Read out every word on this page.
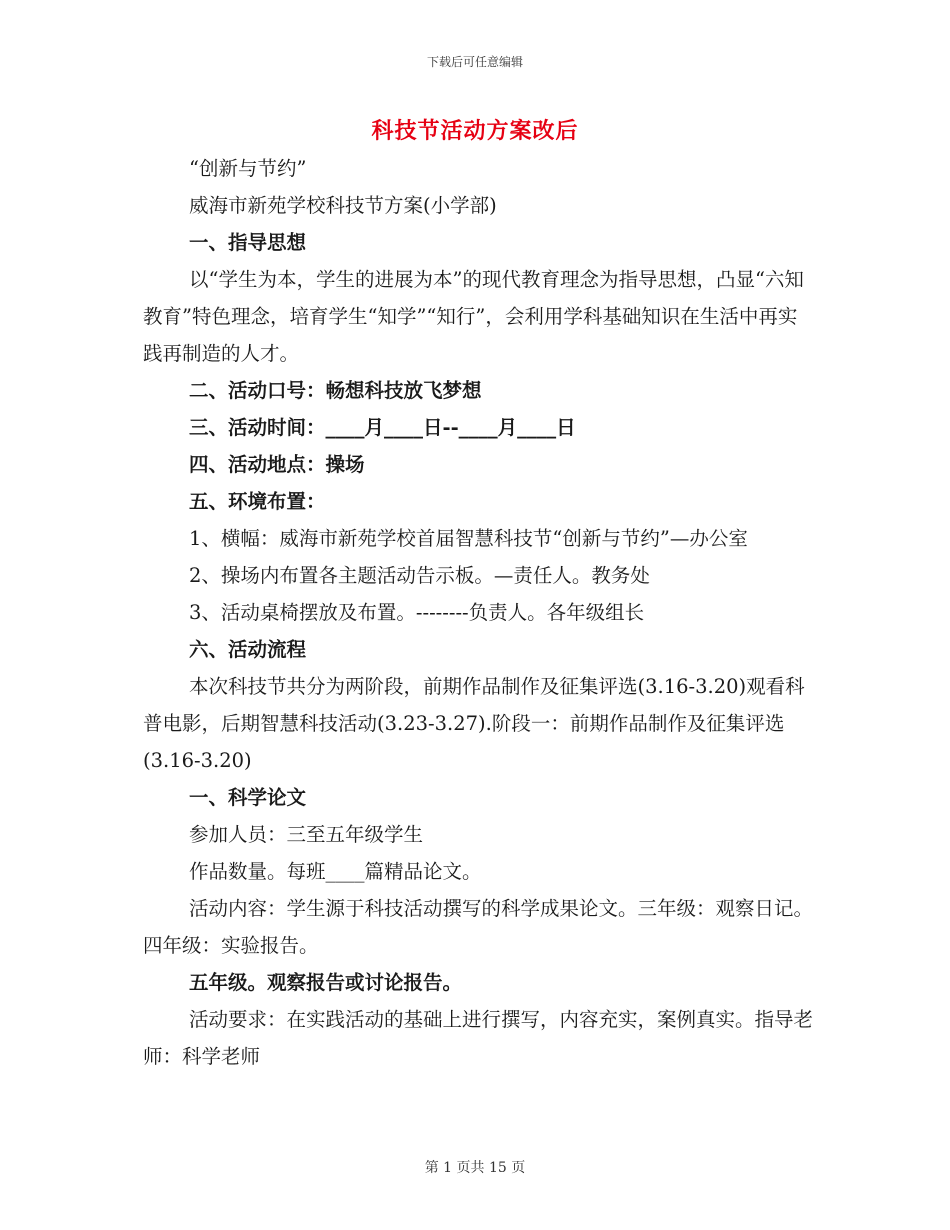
下载后可任意编辑
科技节活动方案改后

“创新与节约”

威海市新苑学校科技节方案(小学部)

一、指导思想

以“学生为本，学生的进展为本”的现代教育理念为指导思想，凸显“六知教育”特色理念，培育学生“知学”“知行”，会利用学科基础知识在生活中再实践再制造的人才。

二、活动口号：畅想科技放飞梦想

三、活动时间：____月____日--____月____日

四、活动地点：操场

五、环境布置：

1、横幅：威海市新苑学校首届智慧科技节“创新与节约”—办公室

2、操场内布置各主题活动告示板。—责任人。教务处

3、活动桌椅摆放及布置。--------负责人。各年级组长

六、活动流程

本次科技节共分为两阶段，前期作品制作及征集评选(3.16-3.20)观看科普电影，后期智慧科技活动(3.23-3.27).阶段一：前期作品制作及征集评选(3.16-3.20)

一、科学论文

参加人员：三至五年级学生

作品数量。每班____篇精品论文。

活动内容：学生源于科技活动撰写的科学成果论文。三年级：观察日记。四年级：实验报告。

五年级。观察报告或讨论报告。

活动要求：在实践活动的基础上进行撰写，内容充实，案例真实。指导老师：科学老师

第 1 页共 15 页
